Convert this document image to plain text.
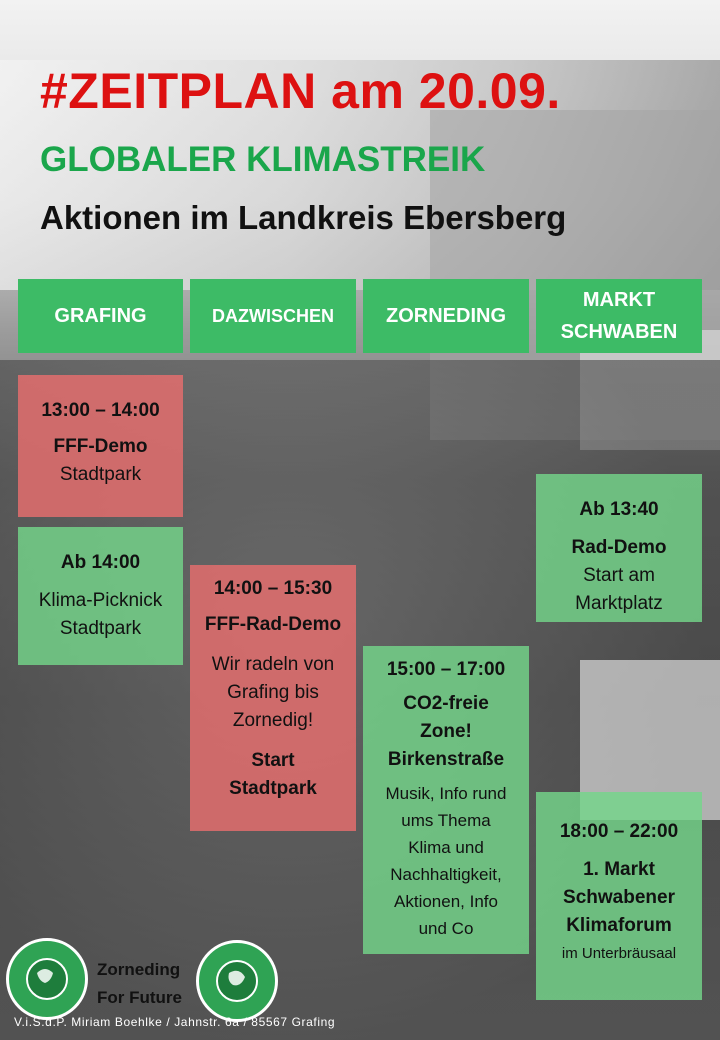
#ZEITPLAN am 20.09.
GLOBALER KLIMASTREIK
Aktionen im Landkreis Ebersberg
GRAFING	DAZWISCHEN	ZORNEDING
MARKT
SCHWABEN

13:00 – 14:00

FFF-Demo

Stadtpark

Ab 14:00

Klima-Picknick

Stadtpark

14:00 – 15:30

FFF-Rad-Demo

Wir radeln von

Grafing bis

Zornedig!

Start

Stadtpark

15:00 – 17:00

CO2-freie

Zone!

Birkenstraße

Musik, Info rund

ums Thema

Klima und

Nachhaltigkeit,

Aktionen, Info

und Co

Ab 13:40

Rad-Demo

Start am

Marktplatz

18:00 – 22:00

1. Markt

Schwabener

Klimaforum

im Unterbräusaal

Zorneding
For Future
V.i.S.d.P. Miriam Boehlke / Jahnstr. 6a / 85567 Grafing
